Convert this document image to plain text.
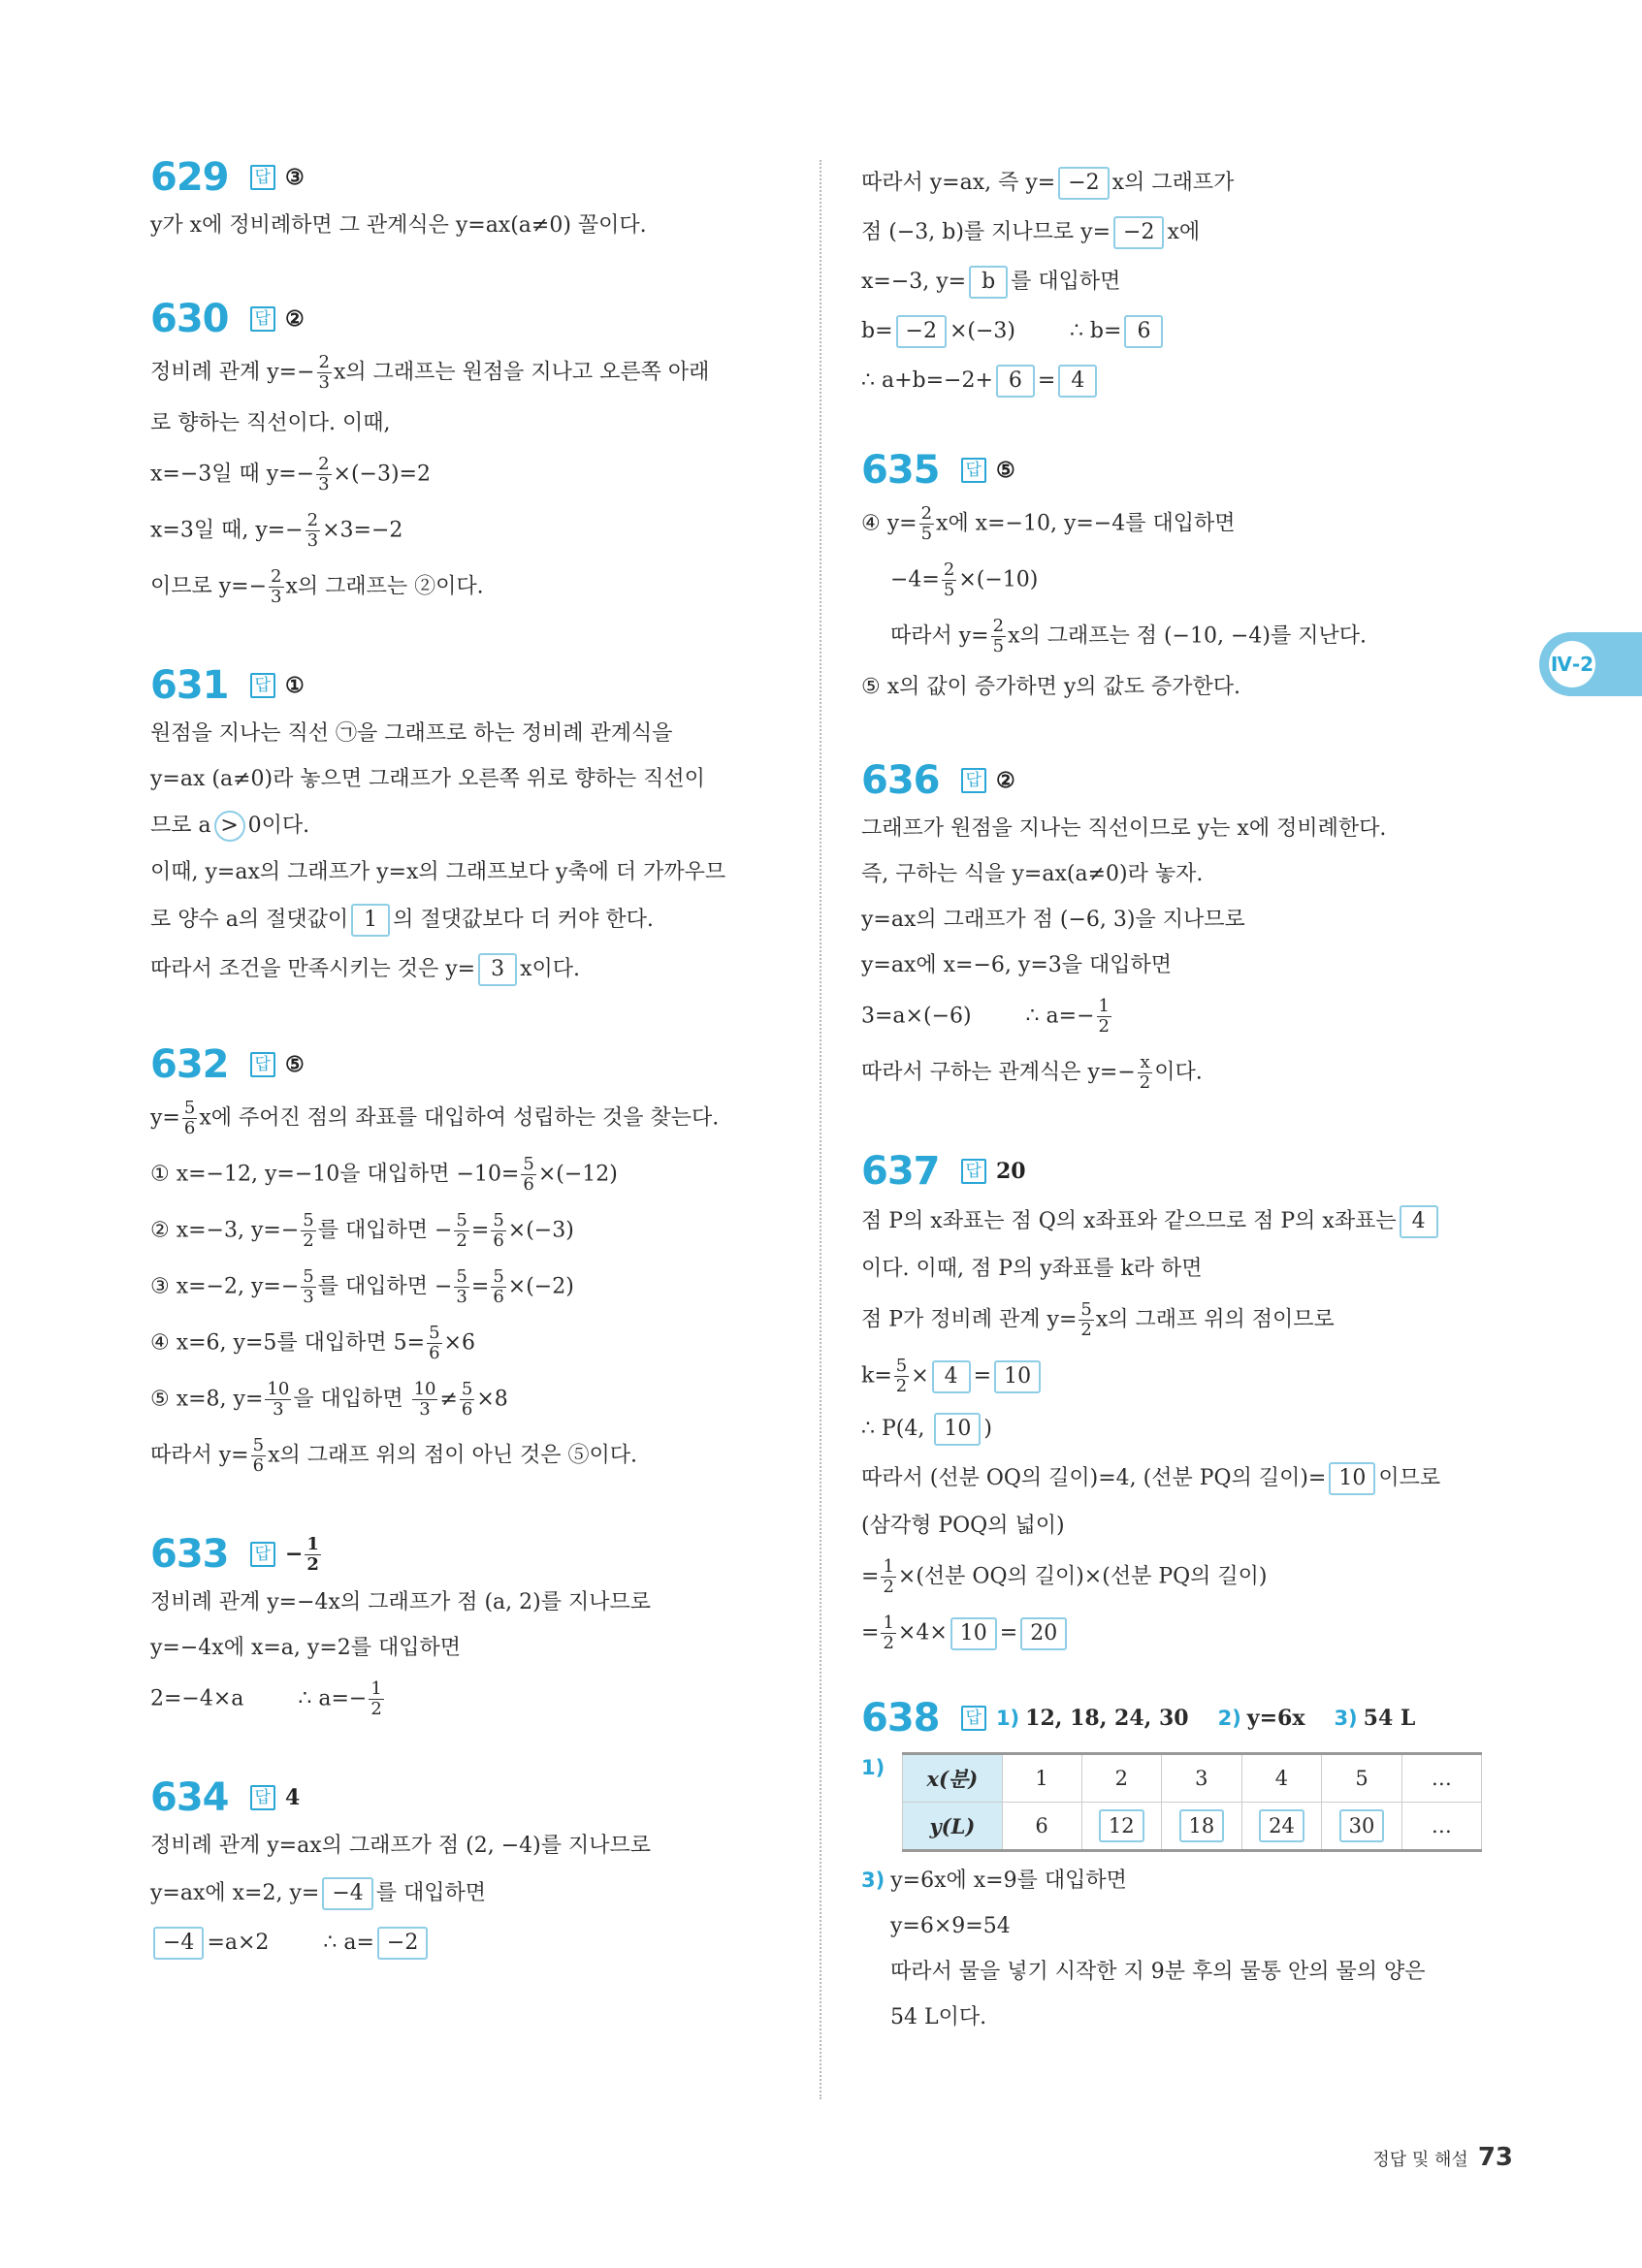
629 답 ③
y가 x에 정비례하면 그 관계식은 y=ax(a≠0) 꼴이다.
630 답 ②
정비례 관계 $y=- \frac{2}{3}$ x의 그래프는 원점을 지나고 오른쪽 아래
로 향하는 직선이다. 이때,
x=−3일 때 $y=- \frac{2}{3} \times(-3)=2$
x=3일 때, $y=- \frac{2}{3} \times 3=-2$
이므로 $y=- \frac{2}{3}$ x의 그래프는 ②이다.
631 답 ①
원점을 지나는 직선 ㉠을 그래프로 하는 정비례 관계식을
y=ax (a≠0)라 놓으면 그래프가 오른쪽 위로 향하는 직선이
므로 a > 0이다.
이때, y=ax의 그래프가 y=x의 그래프보다 y축에 더 가까우므
로 양수 a의 절댓값이 1 의 절댓값보다 더 커야 한다.
따라서 조건을 만족시키는 것은 y= 3 x이다.
632 답 ⑤
$y= \frac{5}{6}$ x에 주어진 점의 좌표를 대입하여 성립하는 것을 찾는다.
① x=−12, y=−10을 대입하면 $-10= \frac{5}{6} \times(-12)$
② x=−3, $y=- \frac{5}{2}$ 를 대입하면 − $\frac{5}{2} = \frac{5}{6} \times(-3)$
③ x=−2, $y=- \frac{5}{3}$ 를 대입하면 − $\frac{5}{3} = \frac{5}{6} \times(-2)$
④ x=6, y=5를 대입하면 $5= \frac{5}{6} \times 6$
⑤ x=8, $y= \frac{10}{3}$ 을 대입하면 $\frac{10}{3} \ne \frac{5}{6} \times 8$
따라서 $y= \frac{5}{6}$ x의 그래프 위의 점이 아닌 것은 ⑤이다.
633 답 − $\frac{1}{2}$
정비례 관계 y=−4x의 그래프가 점 (a, 2)를 지나므로
y=−4x에 x=a, y=2를 대입하면
2=−4×a        ∴ $a=- \frac{1}{2}$
634 답 4
정비례 관계 y=ax의 그래프가 점 (2, −4)를 지나므로
y=ax에 x=2, y= −4 를 대입하면
−4 =a×2        ∴ a= −2
따라서 y=ax, 즉 y= −2 x의 그래프가
점 (−3, b)를 지나므로 y= −2 x에
x=−3, y= b 를 대입하면
b= −2 ×(−3)        ∴ b= 6
∴ a+b=−2+ 6 = 4
635 답 ⑤
④ $y= \frac{2}{5}$ x에 x=−10, y=−4를 대입하면
$-4= \frac{2}{5} \times(-10)$
따라서 $y= \frac{2}{5}$ x의 그래프는 점 (−10, −4)를 지난다.
⑤ x의 값이 증가하면 y의 값도 증가한다.
636 답 ②
그래프가 원점을 지나는 직선이므로 y는 x에 정비례한다.
즉, 구하는 식을 y=ax(a≠0)라 놓자.
y=ax의 그래프가 점 (−6, 3)을 지나므로
y=ax에 x=−6, y=3을 대입하면
3=a×(−6)        ∴ $a=- \frac{1}{2}$
따라서 구하는 관계식은 $y=- \frac{x}{2}$ 이다.
637 답 20
점 P의 x좌표는 점 Q의 x좌표와 같으므로 점 P의 x좌표는 4
이다. 이때, 점 P의 y좌표를 k라 하면
점 P가 정비례 관계 $y= \frac{5}{2}$ x의 그래프 위의 점이므로
$k= \frac{5}{2} \times 4 = 10$
∴ P(4, 10 )
따라서 (선분 OQ의 길이)=4, (선분 PQ의 길이)= 10 이므로
(삼각형 POQ의 넓이)
= $\frac{1}{2}$ ×(선분 OQ의 길이)×(선분 PQ의 길이)
= $\frac{1}{2} \times 4\times 10 = 20$
638 답 1) 12, 18, 24, 30 2) y=6x 3) 54 L
1) x(분)	1	2	3	4	5	…
y(L)	6	12	18	24	30	…
3) y=6x에 x=9를 대입하면
y=6×9=54
따라서 물을 넣기 시작한 지 9분 후의 물통 안의 물의 양은
54 L이다.
Ⅳ-2
정답 및 해설 73
